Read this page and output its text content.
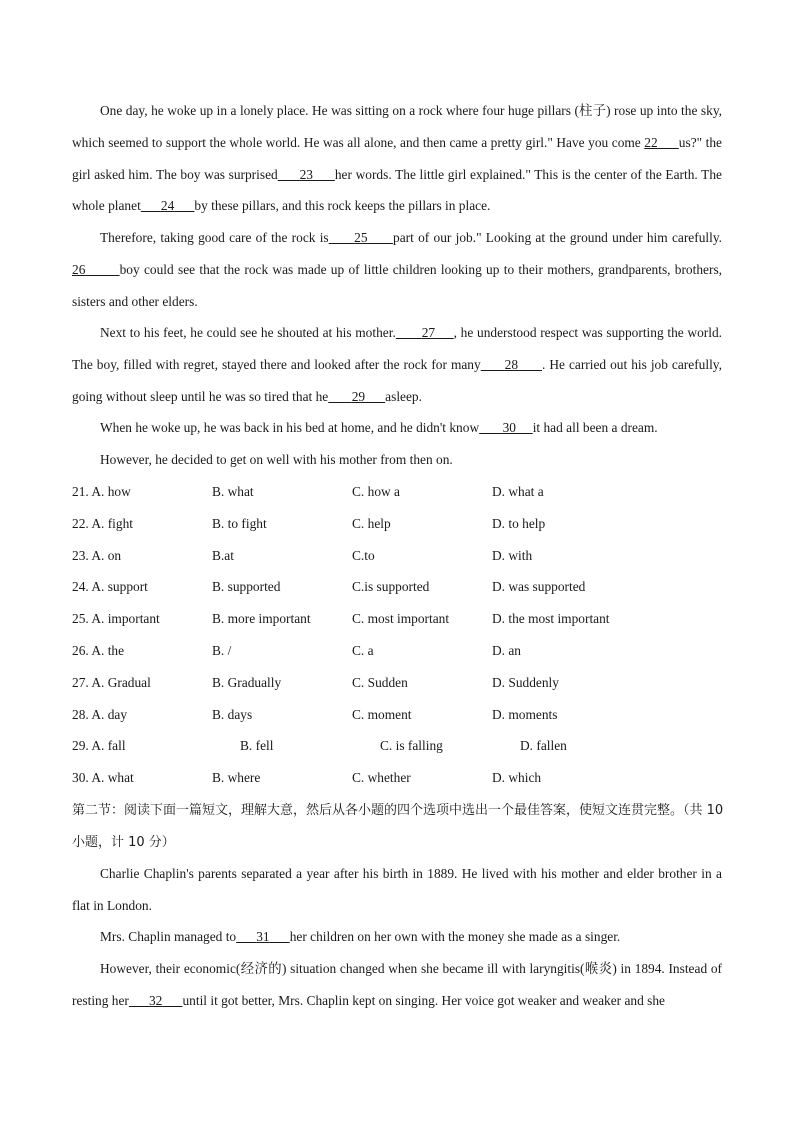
One day, he woke up in a lonely place. He was sitting on a rock where four huge pillars (柱子) rose up into the sky, which seemed to support the whole world. He was all alone, and then came a pretty girl." Have you come 22 us?" the girl asked him. The boy was surprised 23 her words. The little girl explained." This is the center of the Earth. The whole planet 24 by these pillars, and this rock keeps the pillars in place.

Therefore, taking good care of the rock is 25 part of our job." Looking at the ground under him carefully. 26	boy could see that the rock was made up of little children looking up to their mothers, grandparents, brothers, sisters and other elders.

Next to his feet, he could see he shouted at his mother. 27 , he understood respect was supporting the world. The boy, filled with regret, stayed there and looked after the rock for many 28 . He carried out his job carefully, going without sleep until he was so tired that he 29 asleep.

When he woke up, he was back in his bed at home, and he didn't know 30 it had all been a dream.

However, he decided to get on well with his mother from then on.

21. A. how	B. what	C. how a	D. what a
22. A. fight	B. to fight	C. help	D. to help
23. A. on	B.at	C.to	D. with
24. A. support	B. supported	C.is supported	D. was supported
25. A. important	B. more important	C. most important	D. the most important
26. A. the	B. /	C. a	D. an
27. A. Gradual	B. Gradually	C. Sudden	D. Suddenly
28. A. day	B. days	C. moment	D. moments
29. A. fall	B. fell	C. is falling	D. fallen
30. A. what	B. where	C. whether	D. which

第二节：阅读下面一篇短文，理解大意，然后从各小题的四个选项中选出一个最佳答案，使短文连贯完整。（共 10 小题，计 10 分）

Charlie Chaplin's parents separated a year after his birth in 1889. He lived with his mother and elder brother in a flat in London.

Mrs. Chaplin managed to 31 her children on her own with the money she made as a singer.

However, their economic(经济的) situation changed when she became ill with laryngitis(喉炎) in 1894. Instead of resting her 32 until it got better, Mrs. Chaplin kept on singing. Her voice got weaker and weaker and she
